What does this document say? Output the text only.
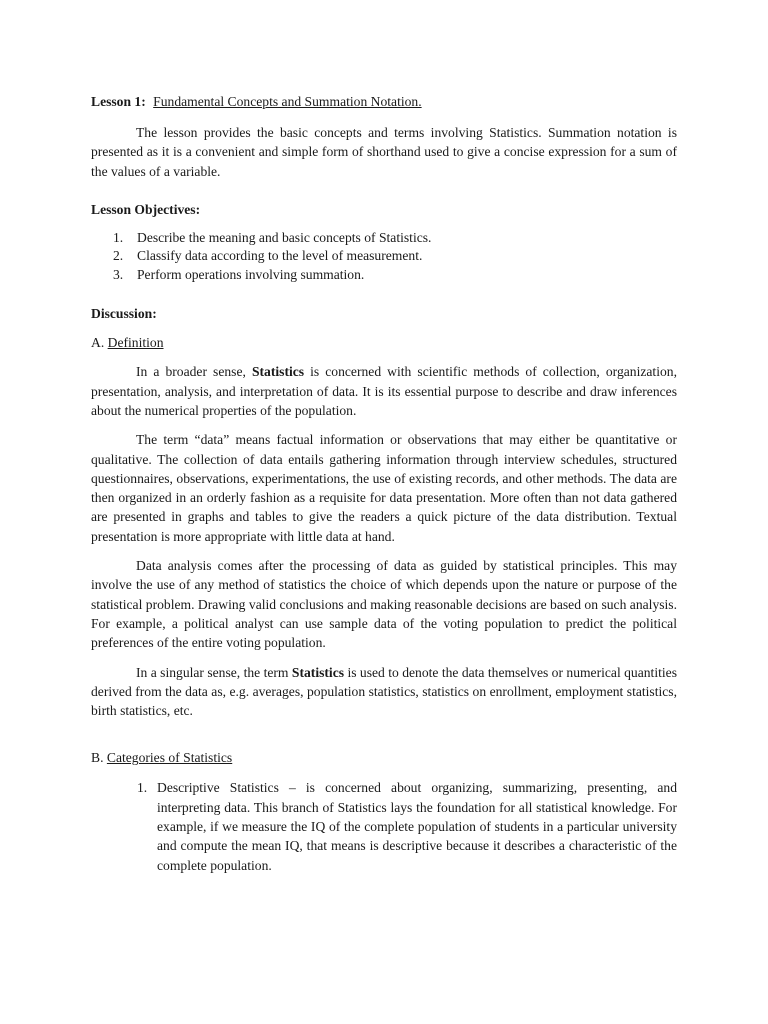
Lesson 1: Fundamental Concepts and Summation Notation.

The lesson provides the basic concepts and terms involving Statistics. Summation notation is presented as it is a convenient and simple form of shorthand used to give a concise expression for a sum of the values of a variable.

Lesson Objectives:
1. Describe the meaning and basic concepts of Statistics.
2. Classify data according to the level of measurement.
3. Perform operations involving summation.
Discussion:
A. Definition

In a broader sense, Statistics is concerned with scientific methods of collection, organization, presentation, analysis, and interpretation of data. It is its essential purpose to describe and draw inferences about the numerical properties of the population.

The term “data” means factual information or observations that may either be quantitative or qualitative. The collection of data entails gathering information through interview schedules, structured questionnaires, observations, experimentations, the use of existing records, and other methods. The data are then organized in an orderly fashion as a requisite for data presentation. More often than not data gathered are presented in graphs and tables to give the readers a quick picture of the data distribution. Textual presentation is more appropriate with little data at hand.

Data analysis comes after the processing of data as guided by statistical principles. This may involve the use of any method of statistics the choice of which depends upon the nature or purpose of the statistical problem. Drawing valid conclusions and making reasonable decisions are based on such analysis. For example, a political analyst can use sample data of the voting population to predict the political preferences of the entire voting population.

In a singular sense, the term Statistics is used to denote the data themselves or numerical quantities derived from the data as, e.g. averages, population statistics, statistics on enrollment, employment statistics, birth statistics, etc.

B. Categories of Statistics
1. Descriptive Statistics – is concerned about organizing, summarizing, presenting, and interpreting data. This branch of Statistics lays the foundation for all statistical knowledge. For example, if we measure the IQ of the complete population of students in a particular university and compute the mean IQ, that means is descriptive because it describes a characteristic of the complete population.
